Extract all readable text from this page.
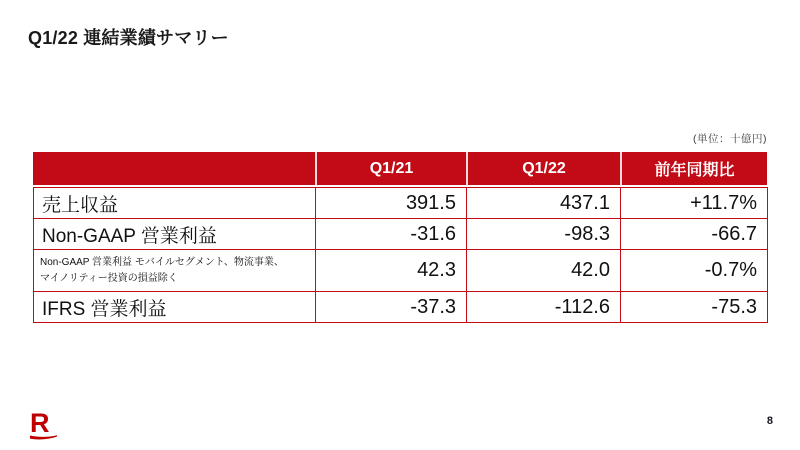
Q1/22 連結業績サマリー
(単位：十億円)
Q1/21	Q1/22	前年同期比
売上収益	391.5	437.1	+11.7%
Non-GAAP 営業利益	-31.6	-98.3	-66.7

Non-GAAP 営業利益 モバイルセグメント、物流事業、
マイノリティー投資の損益除く	42.3	42.0	-0.7%
IFRS 営業利益	-37.3	-112.6	-75.3
R	8
